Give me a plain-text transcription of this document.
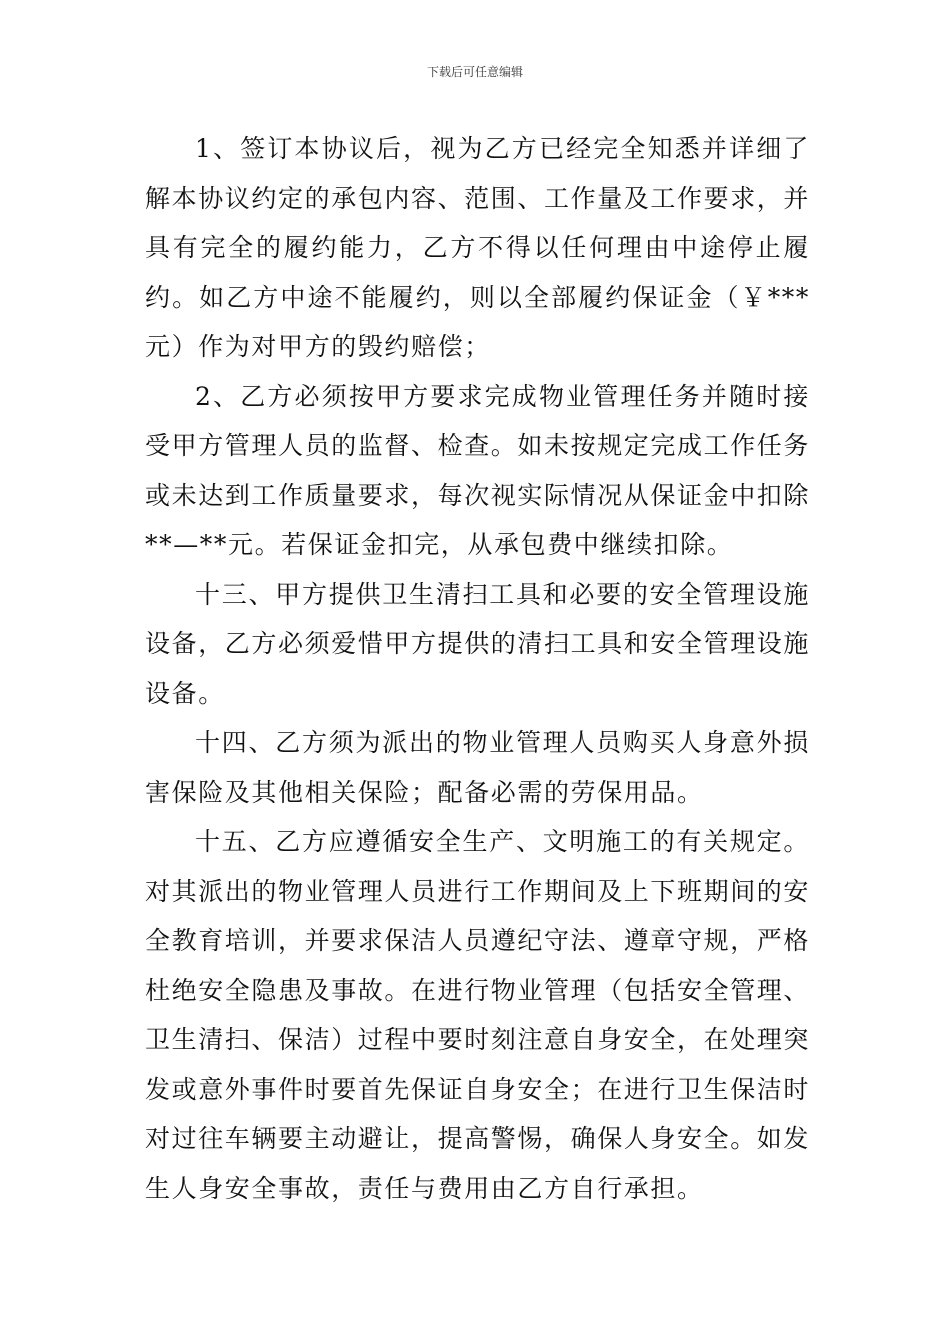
下载后可任意编辑

1、签订本协议后，视为乙方已经完全知悉并详细了解本协议约定的承包内容、范围、工作量及工作要求，并具有完全的履约能力，乙方不得以任何理由中途停止履约。如乙方中途不能履约，则以全部履约保证金（￥***元）作为对甲方的毁约赔偿；

2、乙方必须按甲方要求完成物业管理任务并随时接受甲方管理人员的监督、检查。如未按规定完成工作任务或未达到工作质量要求，每次视实际情况从保证金中扣除**—**元。若保证金扣完，从承包费中继续扣除。

十三、甲方提供卫生清扫工具和必要的安全管理设施设备，乙方必须爱惜甲方提供的清扫工具和安全管理设施设备。

十四、乙方须为派出的物业管理人员购买人身意外损害保险及其他相关保险；配备必需的劳保用品。

十五、乙方应遵循安全生产、文明施工的有关规定。对其派出的物业管理人员进行工作期间及上下班期间的安全教育培训，并要求保洁人员遵纪守法、遵章守规，严格杜绝安全隐患及事故。在进行物业管理（包括安全管理、卫生清扫、保洁）过程中要时刻注意自身安全，在处理突发或意外事件时要首先保证自身安全；在进行卫生保洁时对过往车辆要主动避让，提高警惕，确保人身安全。如发生人身安全事故，责任与费用由乙方自行承担。
